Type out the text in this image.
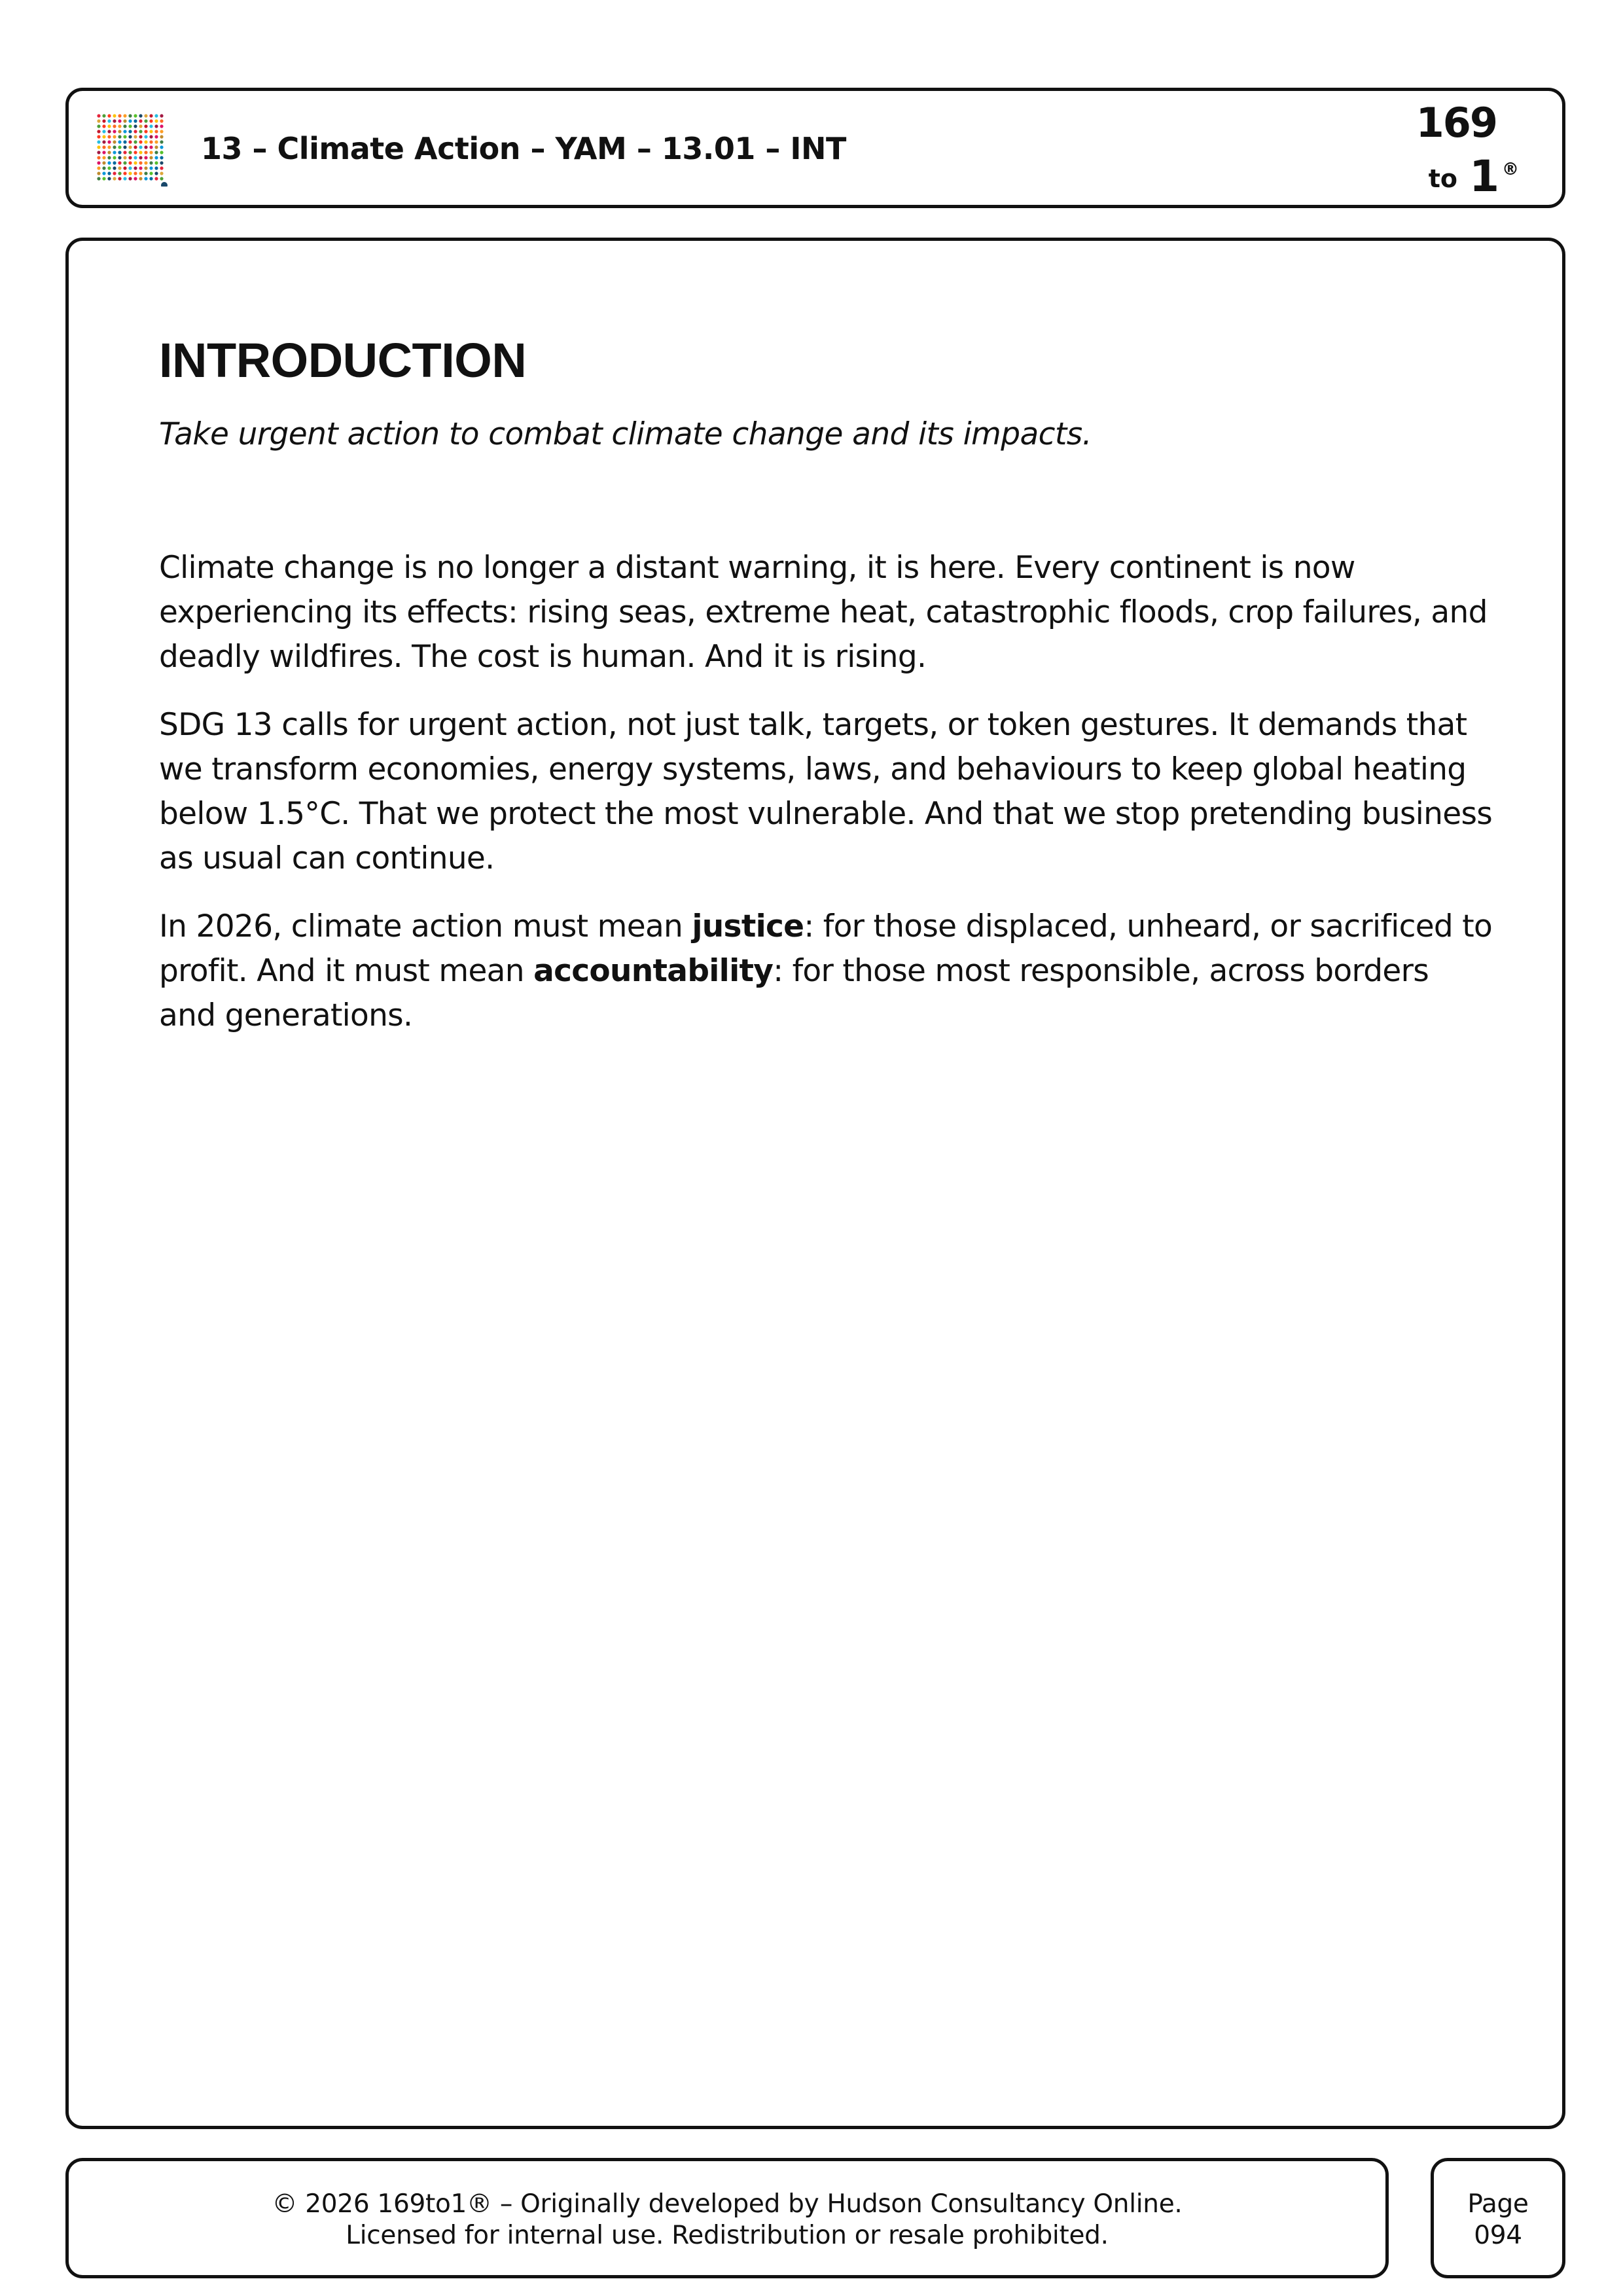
13 – Climate Action – YAM – 13.01 – INT
169
to 1 ®
INTRODUCTION

Take urgent action to combat climate change and its impacts.

Climate change is no longer a distant warning, it is here. Every continent is now experiencing its effects: rising seas, extreme heat, catastrophic floods, crop failures, and deadly wildfires. The cost is human. And it is rising.

SDG 13 calls for urgent action, not just talk, targets, or token gestures. It demands that we transform economies, energy systems, laws, and behaviours to keep global heating below 1.5°C. That we protect the most vulnerable. And that we stop pretending business as usual can continue.

In 2026, climate action must mean justice: for those displaced, unheard, or sacrificed to profit. And it must mean accountability: for those most responsible, across borders and generations.

© 2026 169to1® – Originally developed by Hudson Consultancy Online.
Licensed for internal use. Redistribution or resale prohibited.
Page
094
